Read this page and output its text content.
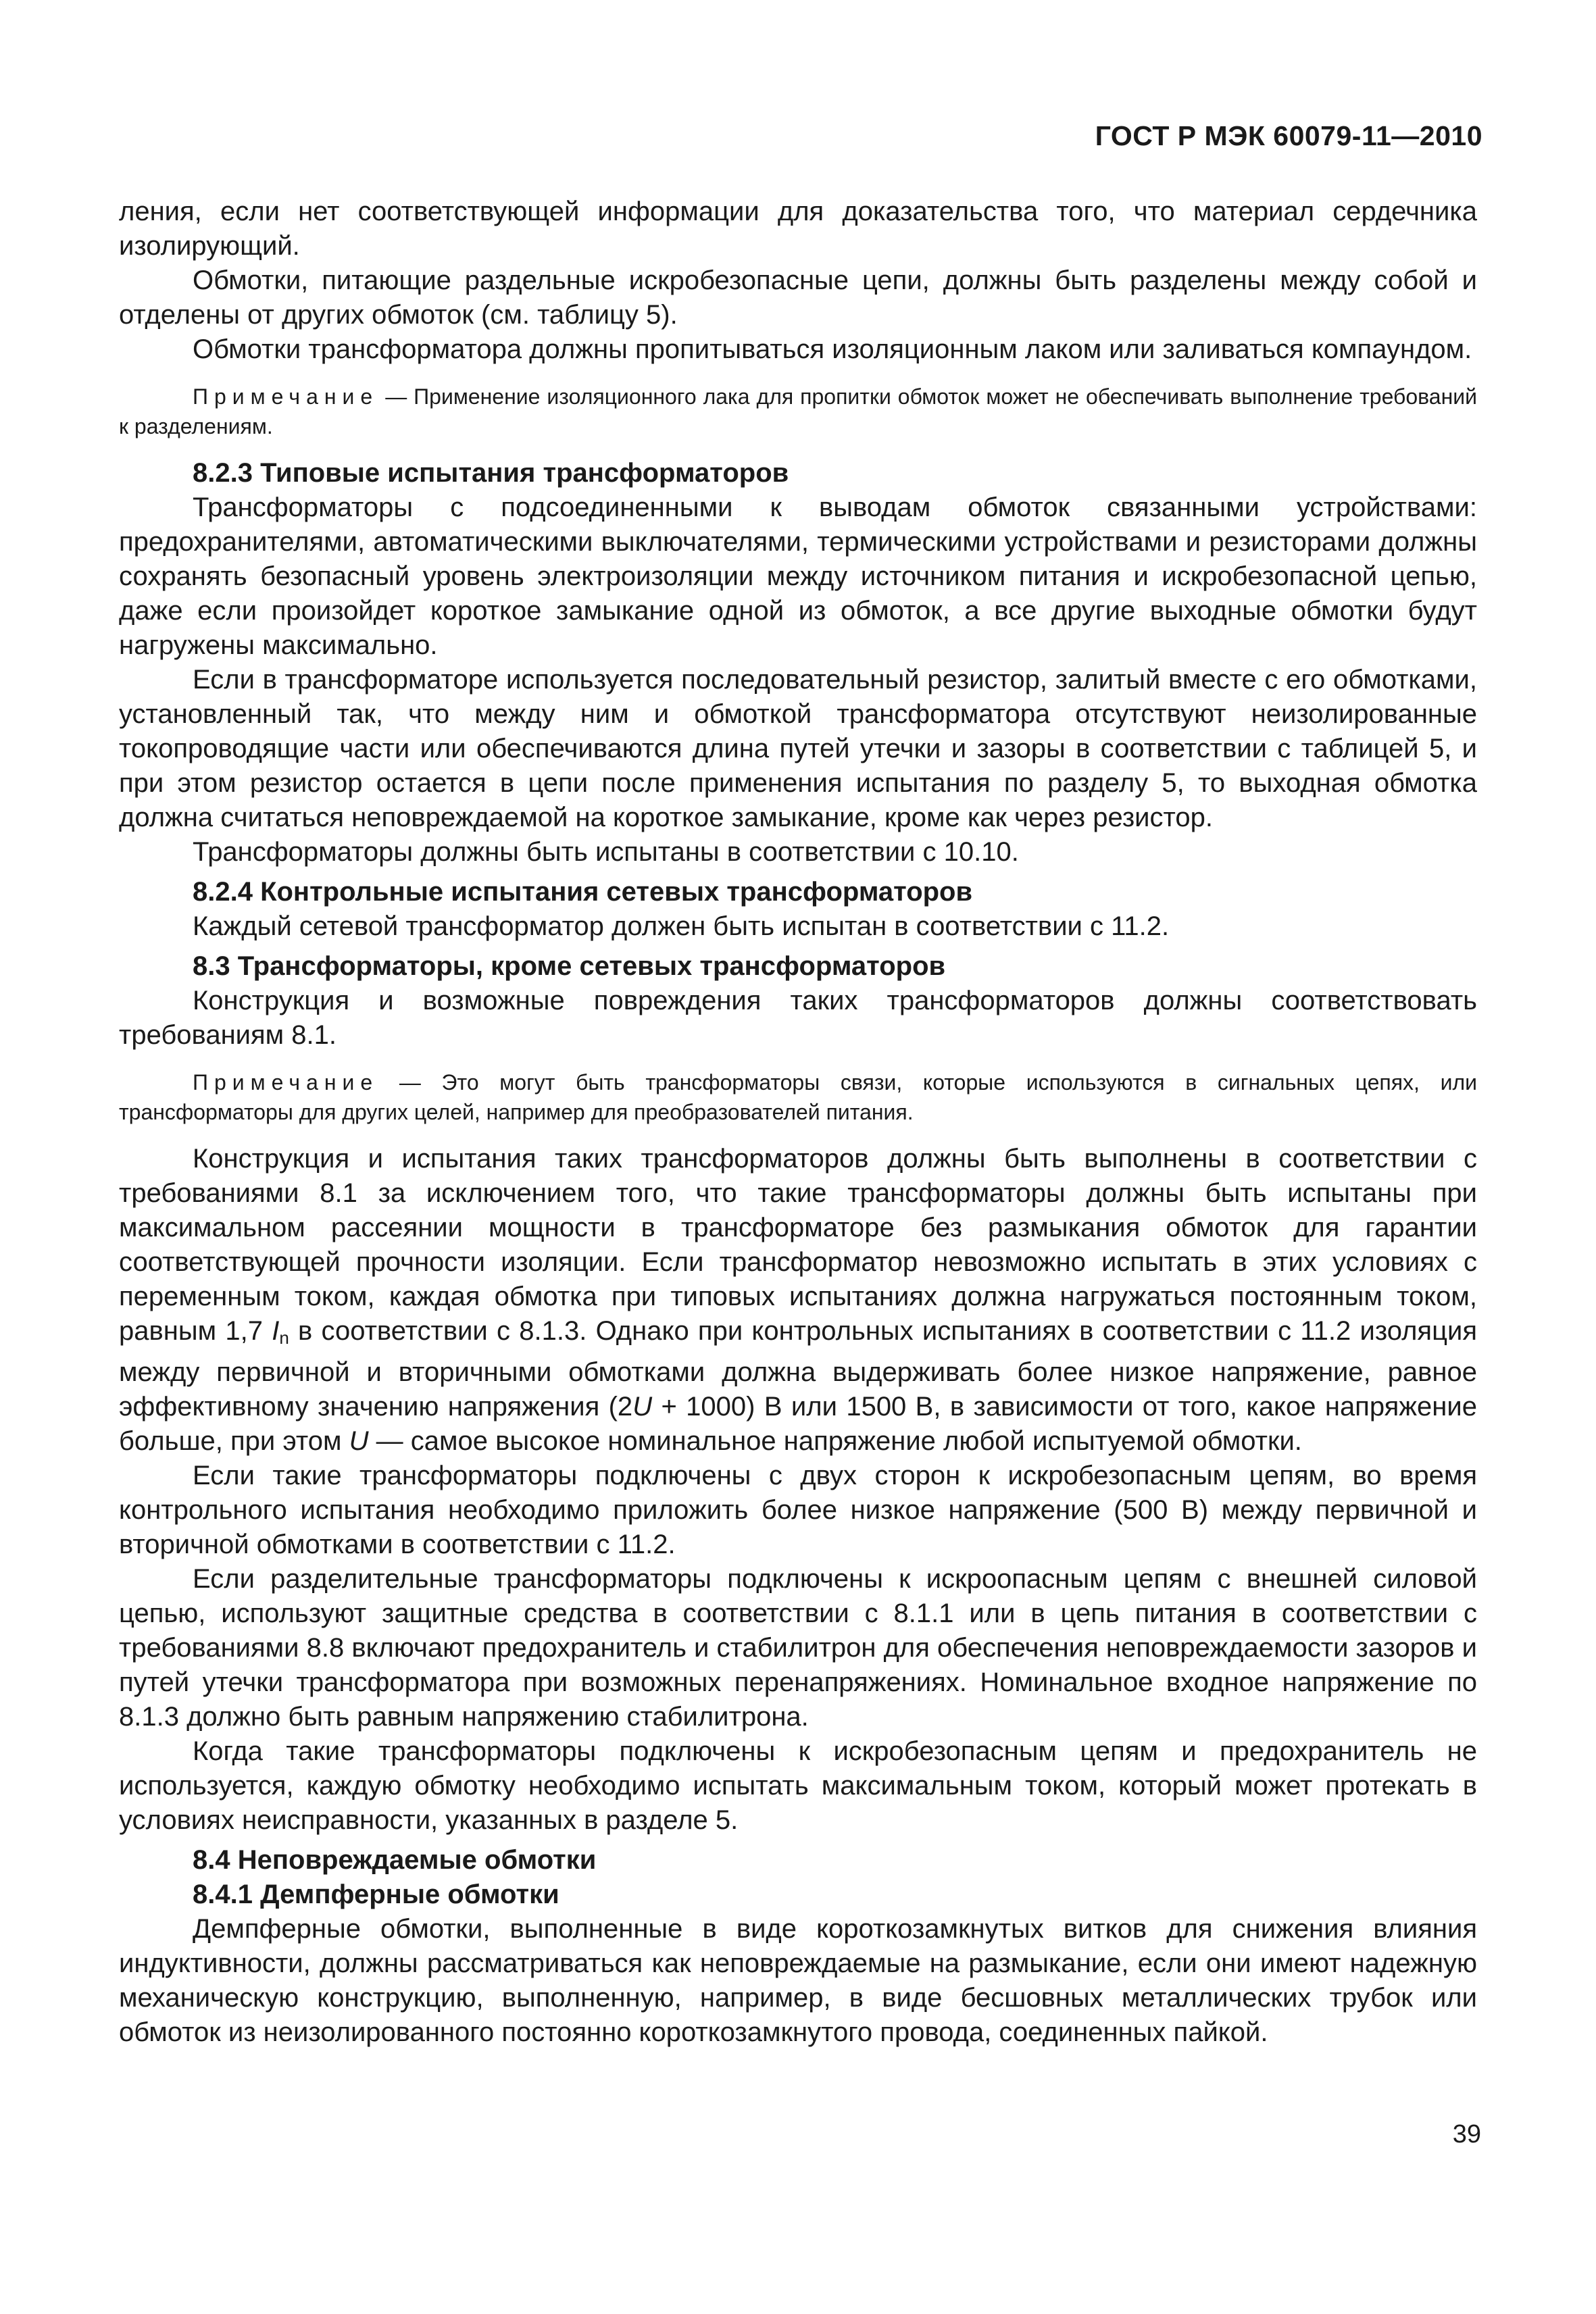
ГОСТ Р МЭК 60079-11—2010

ления, если нет соответствующей информации для доказательства того, что материал сердечника изолирующий.

Обмотки, питающие раздельные искробезопасные цепи, должны быть разделены между собой и отделены от других обмоток (см. таблицу 5).

Обмотки трансформатора должны пропитываться изоляционным лаком или заливаться компаундом.

Примечание — Применение изоляционного лака для пропитки обмоток может не обеспечивать выполнение требований к разделениям.
8.2.3 Типовые испытания трансформаторов

Трансформаторы с подсоединенными к выводам обмоток связанными устройствами: предохранителями, автоматическими выключателями, термическими устройствами и резисторами должны сохранять безопасный уровень электроизоляции между источником питания и искробезопасной цепью, даже если произойдет короткое замыкание одной из обмоток, а все другие выходные обмотки будут нагружены максимально.

Если в трансформаторе используется последовательный резистор, залитый вместе с его обмотками, установленный так, что между ним и обмоткой трансформатора отсутствуют неизолированные токопроводящие части или обеспечиваются длина путей утечки и зазоры в соответствии с таблицей 5, и при этом резистор остается в цепи после применения испытания по разделу 5, то выходная обмотка должна считаться неповреждаемой на короткое замыкание, кроме как через резистор.

Трансформаторы должны быть испытаны в соответствии с 10.10.

8.2.4 Контрольные испытания сетевых трансформаторов

Каждый сетевой трансформатор должен быть испытан в соответствии с 11.2.

8.3 Трансформаторы, кроме сетевых трансформаторов

Конструкция и возможные повреждения таких трансформаторов должны соответствовать требованиям 8.1.

Примечание — Это могут быть трансформаторы связи, которые используются в сигнальных цепях, или трансформаторы для других целей, например для преобразователей питания.

Конструкция и испытания таких трансформаторов должны быть выполнены в соответствии с требованиями 8.1 за исключением того, что такие трансформаторы должны быть испытаны при максимальном рассеянии мощности в трансформаторе без размыкания обмоток для гарантии соответствующей прочности изоляции. Если трансформатор невозможно испытать в этих условиях с переменным током, каждая обмотка при типовых испытаниях должна нагружаться постоянным током, равным 1,7 $I_n$ в соответствии с 8.1.3. Однако при контрольных испытаниях в соответствии с 11.2 изоляция между первичной и вторичными обмотками должна выдерживать более низкое напряжение, равное эффективному значению напряжения (2U + 1000) В или 1500 В, в зависимости от того, какое напряжение больше, при этом U — самое высокое номинальное напряжение любой испытуемой обмотки.

Если такие трансформаторы подключены с двух сторон к искробезопасным цепям, во время контрольного испытания необходимо приложить более низкое напряжение (500 В) между первичной и вторичной обмотками в соответствии с 11.2.

Если разделительные трансформаторы подключены к искроопасным цепям с внешней силовой цепью, используют защитные средства в соответствии с 8.1.1 или в цепь питания в соответствии с требованиями 8.8 включают предохранитель и стабилитрон для обеспечения неповреждаемости зазоров и путей утечки трансформатора при возможных перенапряжениях. Номинальное входное напряжение по 8.1.3 должно быть равным напряжению стабилитрона.

Когда такие трансформаторы подключены к искробезопасным цепям и предохранитель не используется, каждую обмотку необходимо испытать максимальным током, который может протекать в условиях неисправности, указанных в разделе 5.

8.4 Неповреждаемые обмотки
8.4.1 Демпферные обмотки

Демпферные обмотки, выполненные в виде короткозамкнутых витков для снижения влияния индуктивности, должны рассматриваться как неповреждаемые на размыкание, если они имеют надежную механическую конструкцию, выполненную, например, в виде бесшовных металлических трубок или обмоток из неизолированного постоянно короткозамкнутого провода, соединенных пайкой.

39
